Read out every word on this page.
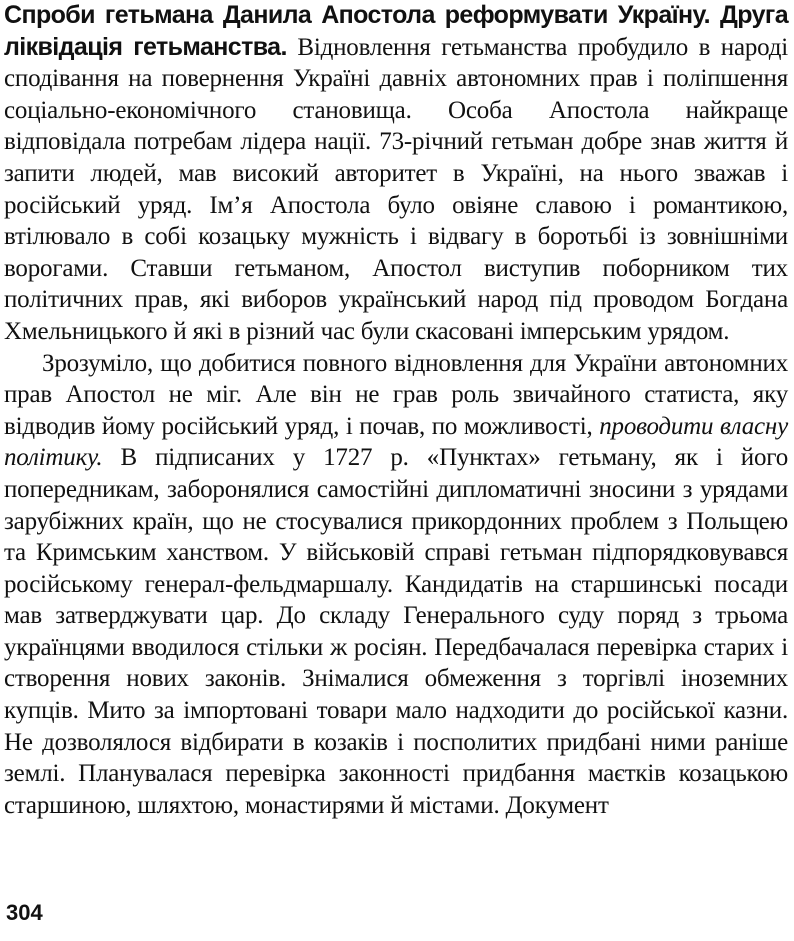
Спроби гетьмана Данила Апостола реформувати Україну. Друга ліквідація гетьманства. Відновлення гетьманства пробудило в народі сподівання на повернення Україні давніх автономних прав і поліпшення соціально-економічного становища. Особа Апостола найкраще відповідала потребам лідера нації. 73-річний гетьман добре знав життя й запити людей, мав високий авторитет в Україні, на нього зважав і російський уряд. Ім’я Апостола було овіяне славою і романтикою, втілювало в собі козацьку мужність і відвагу в боротьбі із зовнішніми ворогами. Ставши гетьманом, Апостол виступив поборником тих політичних прав, які виборов український народ під проводом Богдана Хмельницького й які в різний час були скасовані імперським урядом.

Зрозуміло, що добитися повного відновлення для України автономних прав Апостол не міг. Але він не грав роль звичайного статиста, яку відводив йому російський уряд, і почав, по можливості, проводити власну політику. В підписаних у 1727 р. «Пунктах» гетьману, як і його попередникам, заборонялися самостійні дипломатичні зносини з урядами зарубіжних країн, що не стосувалися прикордонних проблем з Польщею та Кримським ханством. У військовій справі гетьман підпорядковувався російському генерал-фельдмаршалу. Кандидатів на старшинські посади мав затверджувати цар. До складу Генерального суду поряд з трьома українцями вводилося стільки ж росіян. Передбачалася перевірка старих і створення нових законів. Знімалися обмеження з торгівлі іноземних купців. Мито за імпортовані товари мало надходити до російської казни. Не дозволялося відбирати в козаків і посполитих придбані ними раніше землі. Планувалася перевірка законності придбання маєтків козацькою старшиною, шляхтою, монастирями й містами. Документ

304
